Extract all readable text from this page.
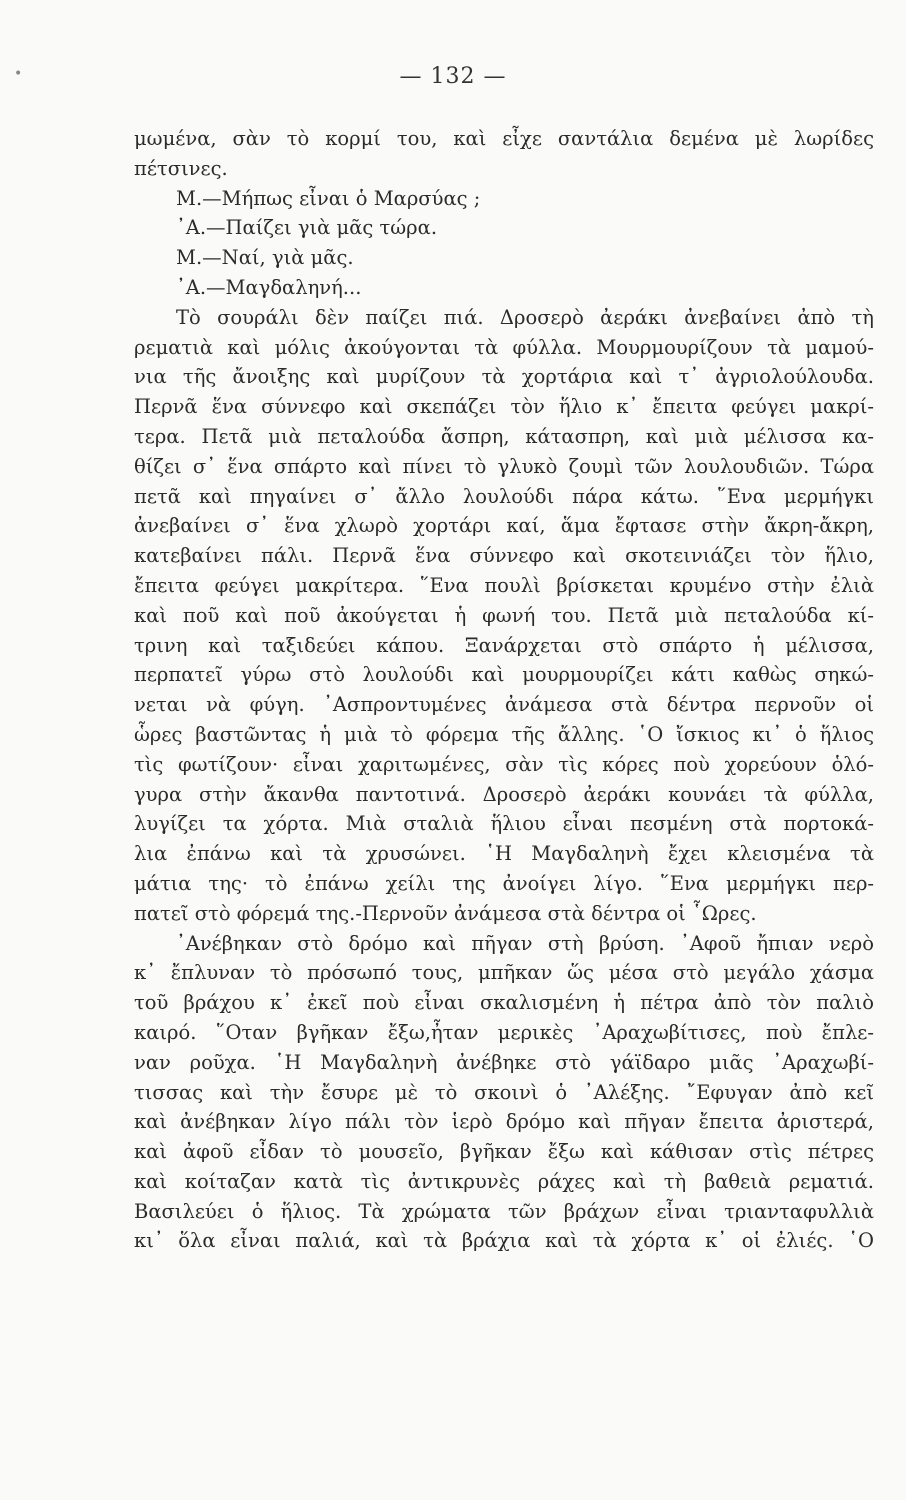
•	— 132 —
μωμένα, σὰν τὸ κορμί του, καὶ εἶχε σαντάλια δεμένα μὲ λωρίδες
πέτσινες.
Μ.—Μήπως εἶναι ὁ Μαρσύας ;
᾿Α.—Παίζει γιὰ μᾶς τώρα.
Μ.—Ναί, γιὰ μᾶς.
᾿Α.—Μαγδαληνή...
Τὸ σουράλι δὲν παίζει πιά. Δροσερὸ ἀεράκι ἀνεβαίνει ἀπὸ τὴ
ρεματιὰ καὶ μόλις ἀκούγονται τὰ φύλλα. Μουρμουρίζουν τὰ μαμού-
νια τῆς ἄνοιξης καὶ μυρίζουν τὰ χορτάρια καὶ τ᾿ ἀγριολούλουδα.
Περνᾶ ἕνα σύννεφο καὶ σκεπάζει τὸν ἥλιο κ᾿ ἔπειτα φεύγει μακρί-
τερα. Πετᾶ μιὰ πεταλούδα ἄσπρη, κάτασπρη, καὶ μιὰ μέλισσα κα-
θίζει σ᾿ ἕνα σπάρτο καὶ πίνει τὸ γλυκὸ ζουμὶ τῶν λουλουδιῶν. Τώρα
πετᾶ καὶ πηγαίνει σ᾿ ἄλλο λουλούδι πάρα κάτω. ῞Ενα μερμήγκι
ἀνεβαίνει σ᾿ ἕνα χλωρὸ χορτάρι καί, ἅμα ἔφτασε στὴν ἄκρη-ἄκρη,
κατεβαίνει πάλι. Περνᾶ ἕνα σύννεφο καὶ σκοτεινιάζει τὸν ἥλιο,
ἔπειτα φεύγει μακρίτερα. ῞Ενα πουλὶ βρίσκεται κρυμένο στὴν ἐλιὰ
καὶ ποῦ καὶ ποῦ ἀκούγεται ἡ φωνή του. Πετᾶ μιὰ πεταλούδα κί-
τρινη καὶ ταξιδεύει κάπου. Ξανάρχεται στὸ σπάρτο ἡ μέλισσα,
περπατεῖ γύρω στὸ λουλούδι καὶ μουρμουρίζει κάτι καθὼς σηκώ-
νεται νὰ φύγη. ᾿Ασπροντυμένες ἀνάμεσα στὰ δέντρα περνοῦν οἱ
ὧρες βαστῶντας ἡ μιὰ τὸ φόρεμα τῆς ἄλλης. ῾Ο ἴσκιος κι᾿ ὁ ἥλιος
τὶς φωτίζουν· εἶναι χαριτωμένες, σὰν τὶς κόρες ποὺ χορεύουν ὁλό-
γυρα στὴν ἄκανθα παντοτινά. Δροσερὸ ἀεράκι κουνάει τὰ φύλλα,
λυγίζει τα χόρτα. Μιὰ σταλιὰ ἥλιου εἶναι πεσμένη στὰ πορτοκά-
λια ἐπάνω καὶ τὰ χρυσώνει. ῾Η Μαγδαληνὴ ἔχει κλεισμένα τὰ
μάτια της· τὸ ἐπάνω χείλι της ἀνοίγει λίγο. ῞Ενα μερμήγκι περ-
πατεῖ στὸ φόρεμά της.-Περνοῦν ἀνάμεσα στὰ δέντρα οἱ ῟Ωρες.
᾿Ανέβηκαν στὸ δρόμο καὶ πῆγαν στὴ βρύση. ᾿Αφοῦ ἤπιαν νερὸ
κ᾿ ἔπλυναν τὸ πρόσωπό τους, μπῆκαν ὥς μέσα στὸ μεγάλο χάσμα
τοῦ βράχου κ᾿ ἐκεῖ ποὺ εἶναι σκαλισμένη ἡ πέτρα ἀπὸ τὸν παλιὸ
καιρό. ῞Οταν βγῆκαν ἔξω,ἦταν μερικὲς ᾿Αραχωβίτισες, ποὺ ἔπλε-
ναν ροῦχα. ῾Η Μαγδαληνὴ ἀνέβηκε στὸ γάϊδαρο μιᾶς ᾿Αραχωβί-
τισσας καὶ τὴν ἔσυρε μὲ τὸ σκοινὶ ὁ ᾿Αλέξης. ῎Εφυγαν ἀπὸ κεῖ
καὶ ἀνέβηκαν λίγο πάλι τὸν ἱερὸ δρόμο καὶ πῆγαν ἔπειτα ἀριστερά,
καὶ ἀφοῦ εἶδαν τὸ μουσεῖο, βγῆκαν ἔξω καὶ κάθισαν στὶς πέτρες
καὶ κοίταζαν κατὰ τὶς ἀντικρυνὲς ράχες καὶ τὴ βαθειὰ ρεματιά.
Βασιλεύει ὁ ἥλιος. Τὰ χρώματα τῶν βράχων εἶναι τριανταφυλλιὰ
κι᾿ ὅλα εἶναι παλιά, καὶ τὰ βράχια καὶ τὰ χόρτα κ᾿ οἱ ἐλιές. ῾Ο
